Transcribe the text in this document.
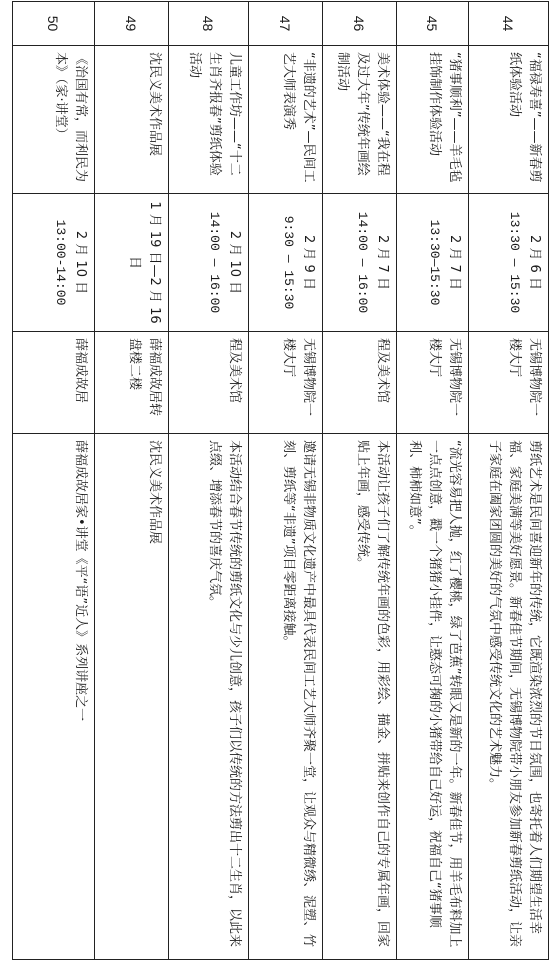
44	“福禄寿喜”——新春剪纸体验活动	2 月 6 日
13:30 — 15:30	无锡博物院一楼大厅	剪纸艺术是民间喜迎新年的传统，它既渲染浓烈的节日氛围，也寄托着人们期望生活幸福、家庭美满等美好愿景。新春佳节期间，无锡博物院带小朋友参加新春剪纸活动，让亲子家庭在阖家团圆的美好的气氛中感受传统文化的艺术魅力。
45	“猪事顺利”——羊毛毡挂饰制作体验活动	2 月 7 日
13:30—15:30	无锡博物院一楼大厅	“流光容易把人抛，红了樱桃，绿了芭蕉”转眼又是新的一年。新春佳节，用羊毛布料加上一点点创意，戳一个猪猪小挂件，让憨态可掬的小猪带给自己好运，祝福自己“猪事顺利、柿柿如意”。
46	美术体验——“我在程及过大年”传统年画绘制活动	2 月 7 日
14:00 — 16:00	程及美术馆	本活动让孩子们了解传统年画的色彩，用彩绘、描金、拼贴来创作自己的专属年画，回家贴上年画，感受传统。
47	“非遗的艺术”—民间工艺大师表演秀	2 月 9 日
9:30 — 15:30	无锡博物院一楼大厅	邀请无锡非物质文化遗产中最具代表民间工艺大师齐聚一堂，让观众与精微绣、泥塑、竹刻、剪纸等“非遗”项目零距离接触。
48	儿童工作坊——“十二生肖齐报春”剪纸体验活动	2 月 10 日
14:00 — 16:00	程及美术馆	本活动结合春节传统的剪纸文化与少儿创意，孩子们以传统的方法剪出十二生肖，以此来点缀、增添春节的喜庆气氛。
49	沈民义美术作品展	1 月 19 日—2 月 16 日	薛福成故居转盘楼二楼	沈民义美术作品展
50	《治国有常，而利民为本》（家·讲堂）	2 月 10 日
13:00-14:00	薛福成故居	薛福成故居家•讲堂《平“语”近人》系列讲座之一
